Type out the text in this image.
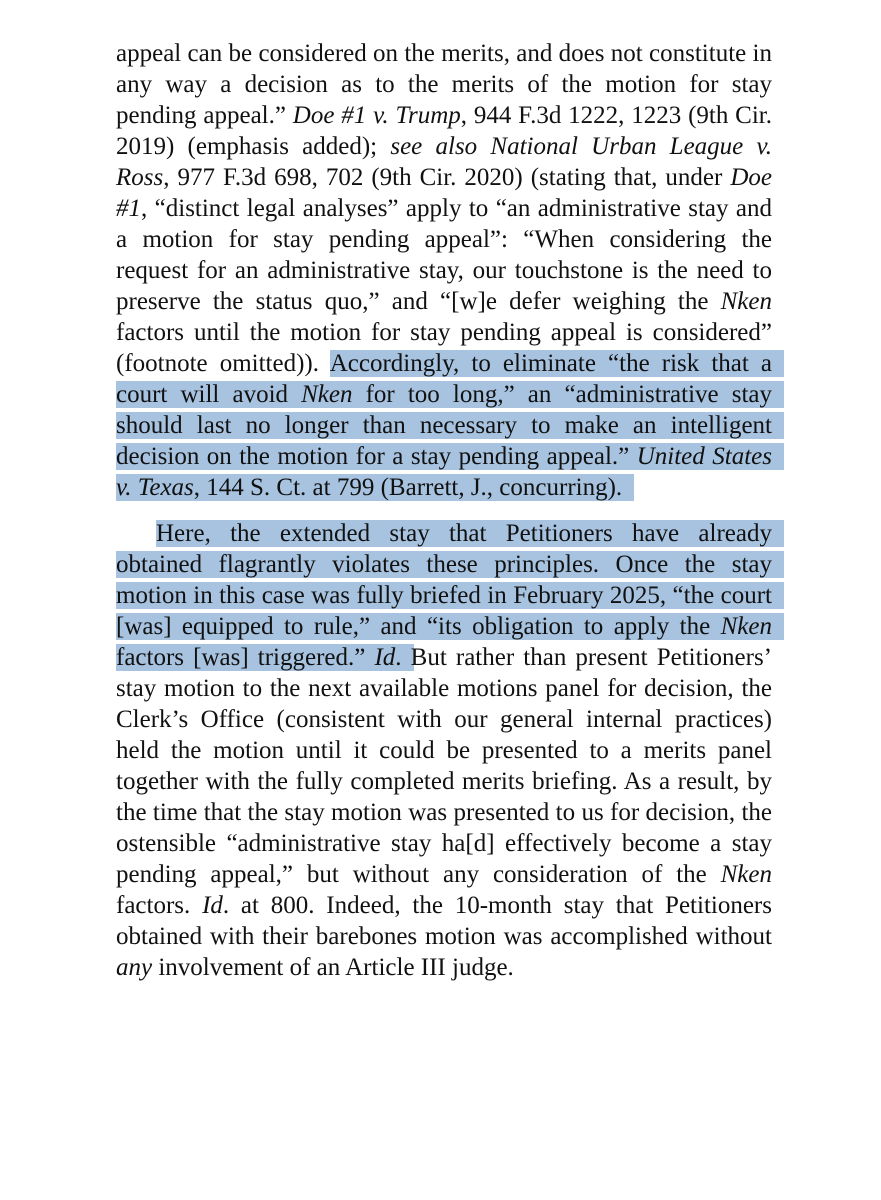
appeal can be considered on the merits, and does not constitute in any way a decision as to the merits of the motion for stay pending appeal.” Doe #1 v. Trump, 944 F.3d 1222, 1223 (9th Cir. 2019) (emphasis added); see also National Urban League v. Ross, 977 F.3d 698, 702 (9th Cir. 2020) (stating that, under Doe #1, “distinct legal analyses” apply to “an administrative stay and a motion for stay pending appeal”: “When considering the request for an administrative stay, our touchstone is the need to preserve the status quo,” and “[w]e defer weighing the Nken factors until the motion for stay pending appeal is considered” (footnote omitted)). Accordingly, to eliminate “the risk that a court will avoid Nken for too long,” an “administrative stay should last no longer than necessary to make an intelligent decision on the motion for a stay pending appeal.” United States v. Texas, 144 S. Ct. at 799 (Barrett, J., concurring).

Here, the extended stay that Petitioners have already obtained flagrantly violates these principles. Once the stay motion in this case was fully briefed in February 2025, “the court [was] equipped to rule,” and “its obligation to apply the Nken factors [was] triggered.” Id. But rather than present Petitioners’ stay motion to the next available motions panel for decision, the Clerk’s Office (consistent with our general internal practices) held the motion until it could be presented to a merits panel together with the fully completed merits briefing. As a result, by the time that the stay motion was presented to us for decision, the ostensible “administrative stay ha[d] effectively become a stay pending appeal,” but without any consideration of the Nken factors. Id. at 800. Indeed, the 10-month stay that Petitioners obtained with their barebones motion was accomplished without any involvement of an Article III judge.
